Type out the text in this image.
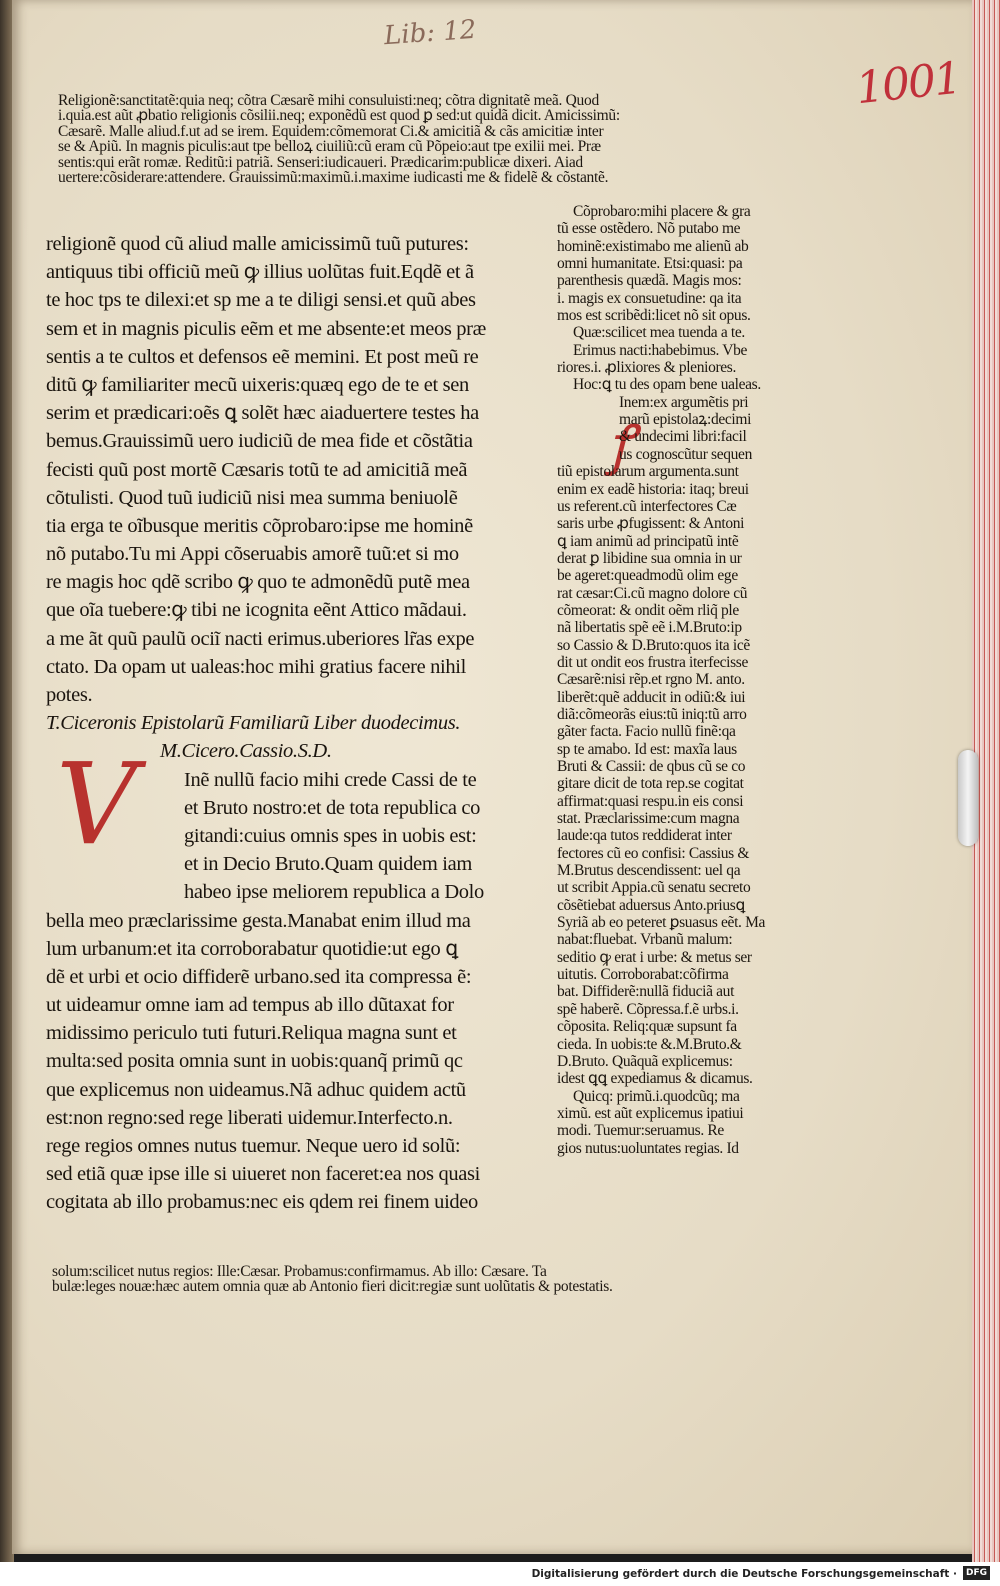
Lib: 12
1001
Religionẽ:sanctitatẽ:quia neq; cõtra Cæsarẽ mihi consuluisti:neq; cõtra dignitatẽ meã. Quod
i.quia.est aũt ꝓbatio religionis cõsilii.neq; exponẽdũ est quod ꝑ sed:ut quidã dicit. Amicissimũ:
Cæsarẽ. Malle aliud.f.ut ad se irem. Equidem:cõmemorat Ci.& amicitiã & cãs amicitiæ inter
se & Apiũ. In magnis piculis:aut tpe belloꝝ ciuiliũ:cũ eram cũ Põpeio:aut tpe exilii mei. Præ
sentis:qui erãt romæ. Reditũ:i patriã. Senseri:iudicaueri. Prædicarim:publicæ dixeri. Aiad
uertere:cõsiderare:attendere. Grauissimũ:maximũ.i.maxime iudicasti me & fidelẽ & cõstantẽ.
religionẽ quod cũ aliud malle amicissimũ tuũ putures:
antiquus tibi officiũ meũ ꝙ illius uolũtas fuit.Eqdẽ et ã
te hoc tps te dilexi:et sp me a te diligi sensi.et quũ abes
sem et in magnis piculis eẽm et me absente:et meos præ
sentis a te cultos et defensos eẽ memini. Et post meũ re
ditũ ꝙ familiariter mecũ uixeris:quæq ego de te et sen
serim et prædicari:oẽs ꝗ solẽt hæc aiaduertere testes ha
bemus.Grauissimũ uero iudiciũ de mea fide et cõstãtia
fecisti quũ post mortẽ Cæsaris totũ te ad amicitiã meã
cõtulisti. Quod tuũ iudiciũ nisi mea summa beniuolẽ
tia erga te oĩbusque meritis cõprobaro:ipse me hominẽ
nõ putabo.Tu mi Appi cõseruabis amorẽ tuũ:et si mo
re magis hoc qdẽ scribo ꝙ quo te admonẽdũ putẽ mea
que oĩa tuebere:ꝙ tibi ne icognita eẽnt Attico mãdaui.
a me ãt quũ paulũ ociĩ nacti erimus.uberiores lr̃as expe
ctato. Da opam ut ualeas:hoc mihi gratius facere nihil
potes.
T.Ciceronis Epistolarũ Familiarũ Liber duodecimus.
M.Cicero.Cassio.S.D.
Inẽ nullũ facio mihi crede Cassi de te
et Bruto nostro:et de tota republica co
gitandi:cuius omnis spes in uobis est:
et in Decio Bruto.Quam quidem iam
habeo ipse meliorem republica a Dolo
bella meo præclarissime gesta.Manabat enim illud ma
lum urbanum:et ita corroborabatur quotidie:ut ego ꝗ
dẽ et urbi et ocio diffiderẽ urbano.sed ita compressa ẽ:
ut uideamur omne iam ad tempus ab illo dũtaxat for
midissimo periculo tuti futuri.Reliqua magna sunt et
multa:sed posita omnia sunt in uobis:quanq̃ primũ qc
que explicemus non uideamus.Nã adhuc quidem actũ
est:non regno:sed rege liberati uidemur.Interfecto.n.
rege regios omnes nutus tuemur. Neque uero id solũ:
sed etiã quæ ipse ille si uiueret non faceret:ea nos quasi
cogitata ab illo probamus:nec eis qdem rei finem uideo
V
ꝭ
Cõprobaro:mihi placere & gra
tũ esse ostẽdero. Nõ putabo me
hominẽ:existimabo me alienũ ab
omni humanitate. Etsi:quasi: pa
parenthesis quædã. Magis mos:
i. magis ex consuetudine: qa ita
mos est scribẽdi:licet nõ sit opus.
Quæ:scilicet mea tuenda a te.
Erimus nacti:habebimus. Vbe
riores.i. ꝓlixiores & pleniores.
Hoc:ꝗ tu des opam bene ualeas.
Inem:ex argumẽtis pri
marũ epistolaꝝ:decimi
& undecimi libri:facil
us cognoscũtur sequen
tiũ epistolarum argumenta.sunt
enim ex eadẽ historia: itaq; breui
us referent.cũ interfectores Cæ
saris urbe ꝓfugissent: & Antoni
ꝗ iam animũ ad principatũ intẽ
derat ꝑ libidine sua omnia in ur
be ageret:queadmodũ olim ege
rat cæsar:Ci.cũ magno dolore cũ
cõmeorat: & ondit oẽm rliq̃ ple
nã libertatis spẽ eẽ i.M.Bruto:ip
so Cassio & D.Bruto:quos ita icẽ
dit ut ondit eos frustra iterfecisse
Cæsarẽ:nisi rẽp.et rgno M. anto.
liberẽt:quẽ adducit in odiũ:& iui
diã:cõmeorãs eius:tũ iniq:tũ arro
gãter facta. Facio nullũ finẽ:qa
sp te amabo. Id est: maxĩa laus
Bruti & Cassii: de qbus cũ se co
gitare dicit de tota rep.se cogitat
affirmat:quasi respu.in eis consi
stat. Præclarissime:cum magna
laude:qa tutos reddiderat inter
fectores cũ eo confisi: Cassius &
M.Brutus descendissent: uel qa
ut scribit Appia.cũ senatu secreto
cõsẽtiebat aduersus Anto.priusꝗ
Syriã ab eo peteret ꝑsuasus eẽt. Ma
nabat:fluebat. Vrbanũ malum:
seditio ꝙ erat i urbe: & metus ser
uitutis. Corroborabat:cõfirma
bat. Diffiderẽ:nullã fiduciã aut
spẽ haberẽ. Cõpressa.f.ẽ urbs.i.
cõposita. Reliq:quæ supsunt fa
cieda. In uobis:te &.M.Bruto.&
D.Bruto. Quãquã explicemus:
idest ꝗꝗ expediamus & dicamus.
Quicq: primũ.i.quodcũq; ma
ximũ. est aũt explicemus ipatiui
modi. Tuemur:seruamus. Re
gios nutus:uoluntates regias. Id
solum:scilicet nutus regios: Ille:Cæsar. Probamus:confirmamus. Ab illo: Cæsare. Ta
bulæ:leges nouæ:hæc autem omnia quæ ab Antonio fieri dicit:regiæ sunt uolũtatis & potestatis.
Digitalisierung gefördert durch die Deutsche Forschungsgemeinschaft · DFG
